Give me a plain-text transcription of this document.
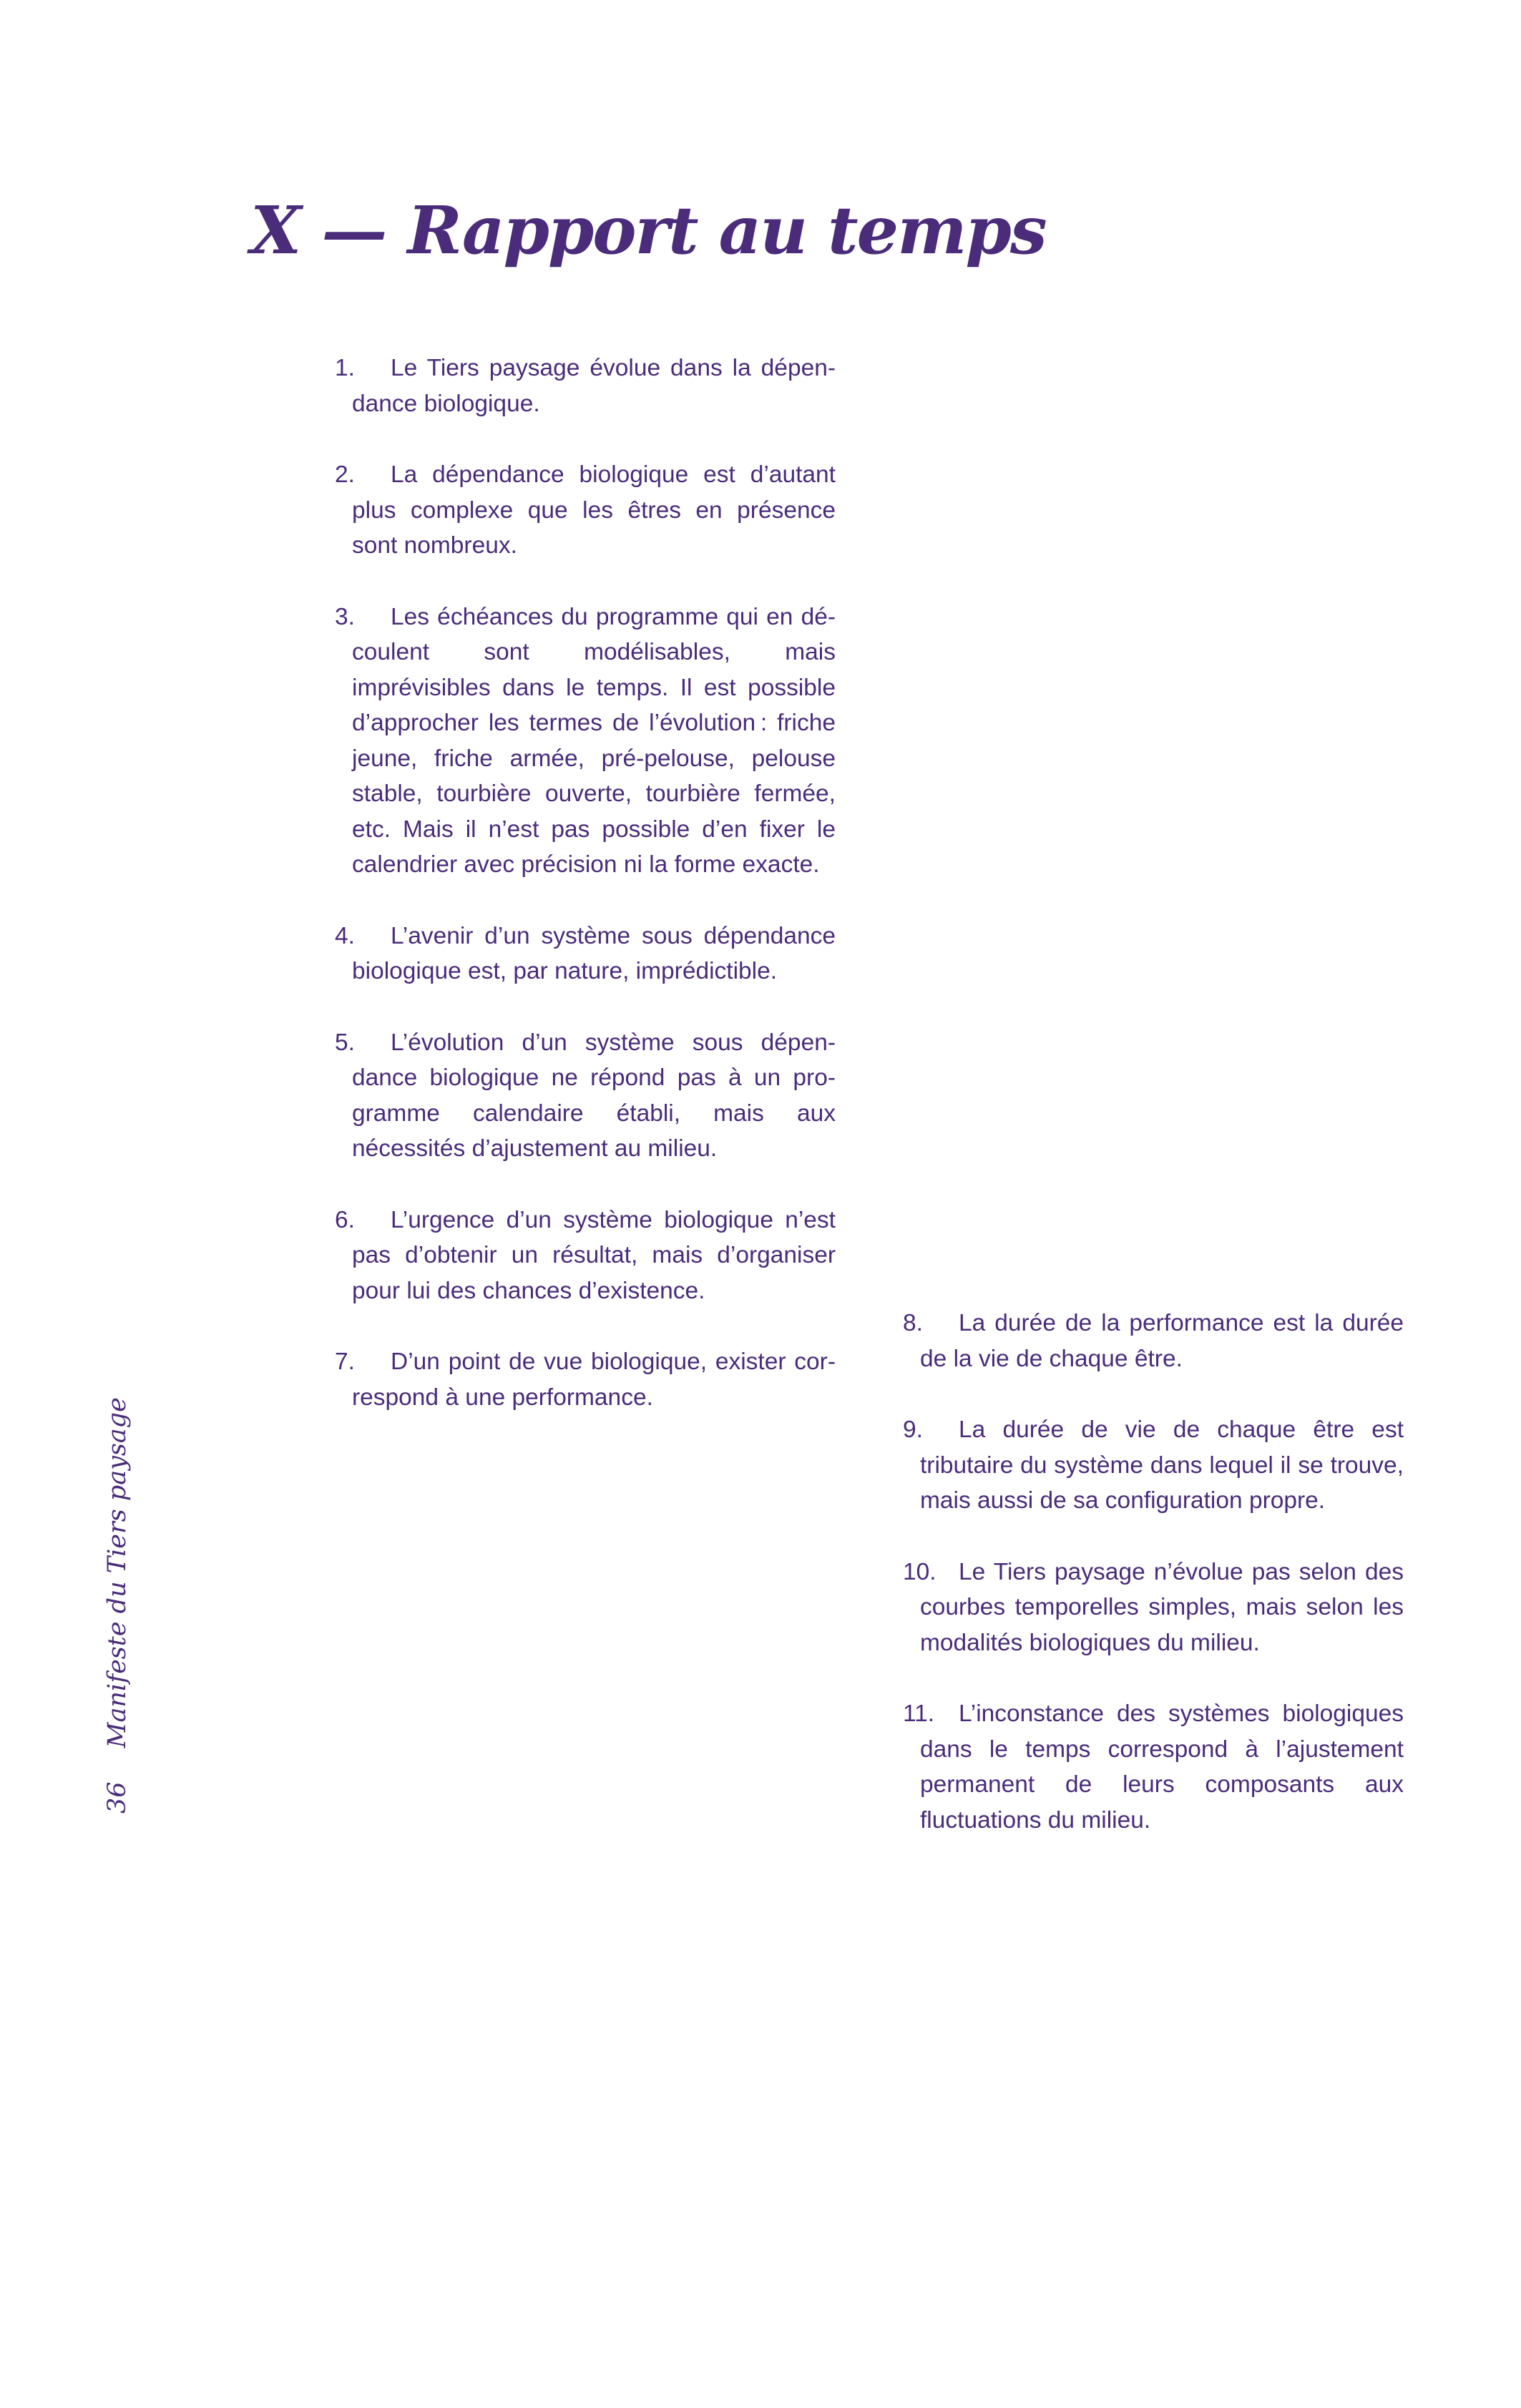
X — Rapport au temps

1. Le Tiers paysage évolue dans la dépendance biologique.

2. La dépendance biologique est d’autant plus complexe que les êtres en présence sont nombreux.

3. Les échéances du programme qui en découlent sont modélisables, mais imprévisibles dans le temps. Il est possible d’approcher les termes de l’évolution : friche jeune, friche armée, pré-pelouse, pelouse stable, tourbière ouverte, tourbière fermée, etc. Mais il n’est pas possible d’en fixer le calendrier avec précision ni la forme exacte.

4. L’avenir d’un système sous dépendance biologique est, par nature, imprédictible.

5. L’évolution d’un système sous dépendance biologique ne répond pas à un programme calendaire établi, mais aux nécessités d’ajustement au milieu.

6. L’urgence d’un système biologique n’est pas d’obtenir un résultat, mais d’organiser pour lui des chances d’existence.

7. D’un point de vue biologique, exister correspond à une performance.

8. La durée de la performance est la durée de la vie de chaque être.

9. La durée de vie de chaque être est tributaire du système dans lequel il se trouve, mais aussi de sa configuration propre.

10. Le Tiers paysage n’évolue pas selon des courbes temporelles simples, mais selon les modalités biologiques du milieu.

11. L’inconstance des systèmes biologiques dans le temps correspond à l’ajustement permanent de leurs composants aux fluctuations du milieu.

36 Manifeste du Tiers paysage
